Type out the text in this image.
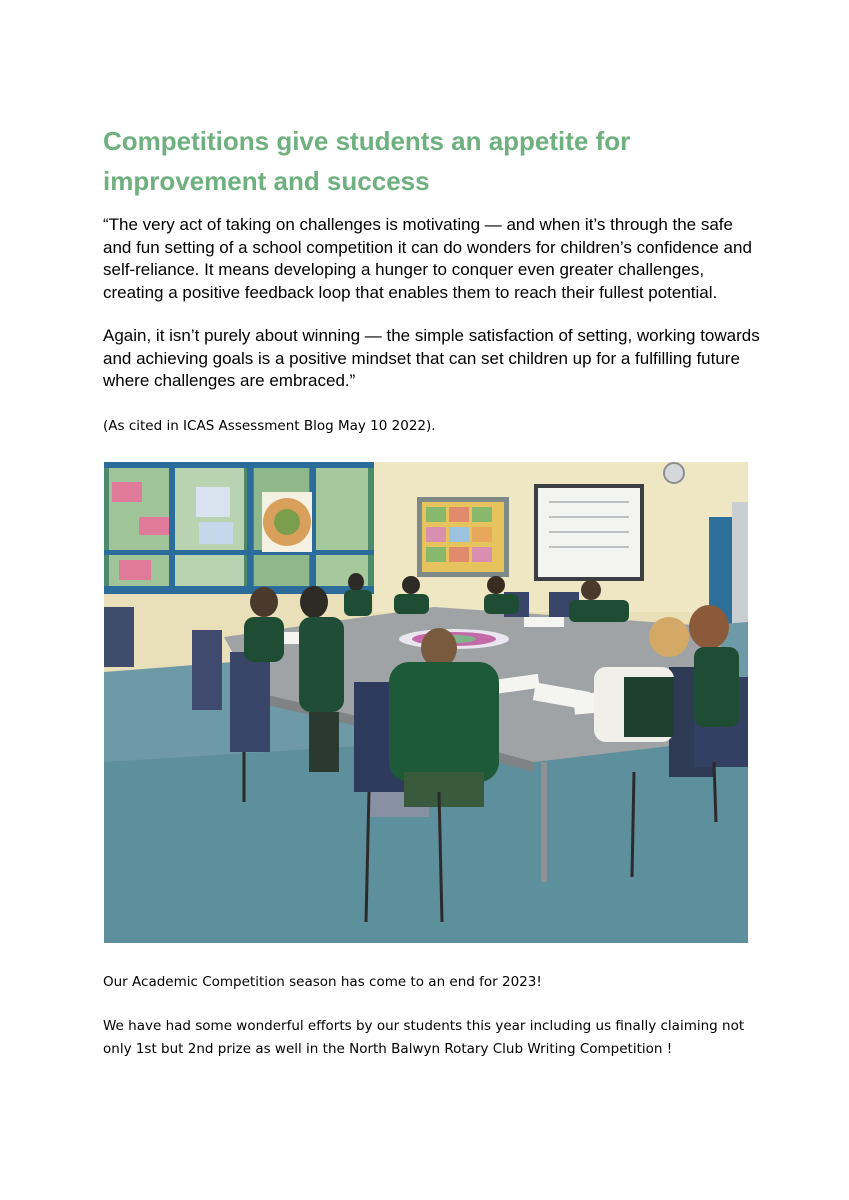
Competitions give students an appetite for improvement and success

“The very act of taking on challenges is motivating — and when it’s through the safe and fun setting of a school competition it can do wonders for children’s confidence and self-reliance. It means developing a hunger to conquer even greater challenges, creating a positive feedback loop that enables them to reach their fullest potential.

Again, it isn’t purely about winning — the simple satisfaction of setting, working towards and achieving goals is a positive mindset that can set children up for a fulfilling future where challenges are embraced.”

(As cited in ICAS Assessment Blog May 10 2022).

Our Academic Competition season has come to an end for 2023!

We have had some wonderful efforts by our students this year including us finally claiming not only 1st but 2nd prize as well in the North Balwyn Rotary Club Writing Competition !
